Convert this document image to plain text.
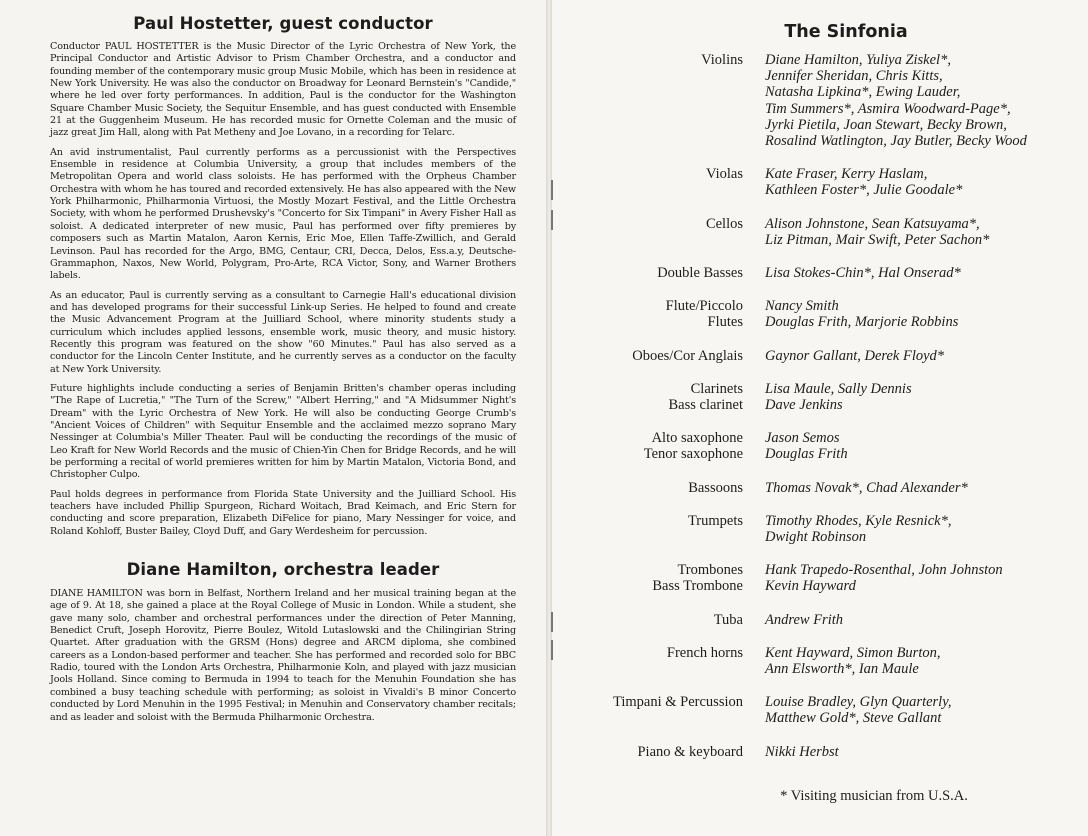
Paul Hostetter, guest conductor

Conductor PAUL HOSTETTER is the Music Director of the Lyric Orchestra of New York, the Principal Conductor and Artistic Advisor to Prism Chamber Orchestra, and a conductor and founding member of the contemporary music group Music Mobile, which has been in residence at New York University. He was also the conductor on Broadway for Leonard Bernstein's "Candide," where he led over forty performances. In addition, Paul is the conductor for the Washington Square Chamber Music Society, the Sequitur Ensemble, and has guest conducted with Ensemble 21 at the Guggenheim Museum. He has recorded music for Ornette Coleman and the music of jazz great Jim Hall, along with Pat Metheny and Joe Lovano, in a recording for Telarc.

An avid instrumentalist, Paul currently performs as a percussionist with the Perspectives Ensemble in residence at Columbia University, a group that includes members of the Metropolitan Opera and world class soloists. He has performed with the Orpheus Chamber Orchestra with whom he has toured and recorded extensively. He has also appeared with the New York Philharmonic, Philharmonia Virtuosi, the Mostly Mozart Festival, and the Little Orchestra Society, with whom he performed Drushevsky's "Concerto for Six Timpani" in Avery Fisher Hall as soloist. A dedicated interpreter of new music, Paul has performed over fifty premieres by composers such as Martin Matalon, Aaron Kernis, Eric Moe, Ellen Taffe-Zwillich, and Gerald Levinson. Paul has recorded for the Argo, BMG, Centaur, CRI, Decca, Delos, Ess.a.y, Deutsche-Grammaphon, Naxos, New World, Polygram, Pro-Arte, RCA Victor, Sony, and Warner Brothers labels.

As an educator, Paul is currently serving as a consultant to Carnegie Hall's educational division and has developed programs for their successful Link-up Series. He helped to found and create the Music Advancement Program at the Juilliard School, where minority students study a curriculum which includes applied lessons, ensemble work, music theory, and music history. Recently this program was featured on the show "60 Minutes." Paul has also served as a conductor for the Lincoln Center Institute, and he currently serves as a conductor on the faculty at New York University.

Future highlights include conducting a series of Benjamin Britten's chamber operas including "The Rape of Lucretia," "The Turn of the Screw," "Albert Herring," and "A Midsummer Night's Dream" with the Lyric Orchestra of New York. He will also be conducting George Crumb's "Ancient Voices of Children" with Sequitur Ensemble and the acclaimed mezzo soprano Mary Nessinger at Columbia's Miller Theater. Paul will be conducting the recordings of the music of Leo Kraft for New World Records and the music of Chien-Yin Chen for Bridge Records, and he will be performing a recital of world premieres written for him by Martin Matalon, Victoria Bond, and Christopher Culpo.

Paul holds degrees in performance from Florida State University and the Juilliard School. His teachers have included Phillip Spurgeon, Richard Woitach, Brad Keimach, and Eric Stern for conducting and score preparation, Elizabeth DiFelice for piano, Mary Nessinger for voice, and Roland Kohloff, Buster Bailey, Cloyd Duff, and Gary Werdesheim for percussion.

Diane Hamilton, orchestra leader

DIANE HAMILTON was born in Belfast, Northern Ireland and her musical training began at the age of 9. At 18, she gained a place at the Royal College of Music in London. While a student, she gave many solo, chamber and orchestral performances under the direction of Peter Manning, Benedict Cruft, Joseph Horovitz, Pierre Boulez, Witold Lutaslowski and the Chilingirian String Quartet. After graduation with the GRSM (Hons) degree and ARCM diploma, she combined careers as a London-based performer and teacher. She has performed and recorded solo for BBC Radio, toured with the London Arts Orchestra, Philharmonie Koln, and played with jazz musician Jools Holland. Since coming to Bermuda in 1994 to teach for the Menuhin Foundation she has combined a busy teaching schedule with performing; as soloist in Vivaldi's B minor Concerto conducted by Lord Menuhin in the 1995 Festival; in Menuhin and Conservatory chamber recitals; and as leader and soloist with the Bermuda Philharmonic Orchestra.

The Sinfonia
Violins Diane Hamilton, Yuliya Ziskel*,
Jennifer Sheridan, Chris Kitts,
Natasha Lipkina*, Ewing Lauder,
Tim Summers*, Asmira Woodward-Page*,
Jyrki Pietila, Joan Stewart, Becky Brown,
Rosalind Watlington, Jay Butler, Becky Wood
Violas Kate Fraser, Kerry Haslam,
Kathleen Foster*, Julie Goodale*
Cellos Alison Johnstone, Sean Katsuyama*,
Liz Pitman, Mair Swift, Peter Sachon*
Double Basses Lisa Stokes-Chin*, Hal Onserad*
Flute/Piccolo
Flutes
Nancy Smith
Douglas Frith, Marjorie Robbins
Oboes/Cor Anglais Gaynor Gallant, Derek Floyd*
Clarinets
Bass clarinet
Lisa Maule, Sally Dennis
Dave Jenkins
Alto saxophone
Tenor saxophone
Jason Semos
Douglas Frith
Bassoons Thomas Novak*, Chad Alexander*
Trumpets Timothy Rhodes, Kyle Resnick*,
Dwight Robinson
Trombones
Bass Trombone
Hank Trapedo-Rosenthal, John Johnston
Kevin Hayward
Tuba Andrew Frith
French horns Kent Hayward, Simon Burton,
Ann Elsworth*, Ian Maule
Timpani & Percussion Louise Bradley, Glyn Quarterly,
Matthew Gold*, Steve Gallant
Piano & keyboard Nikki Herbst
* Visiting musician from U.S.A.
